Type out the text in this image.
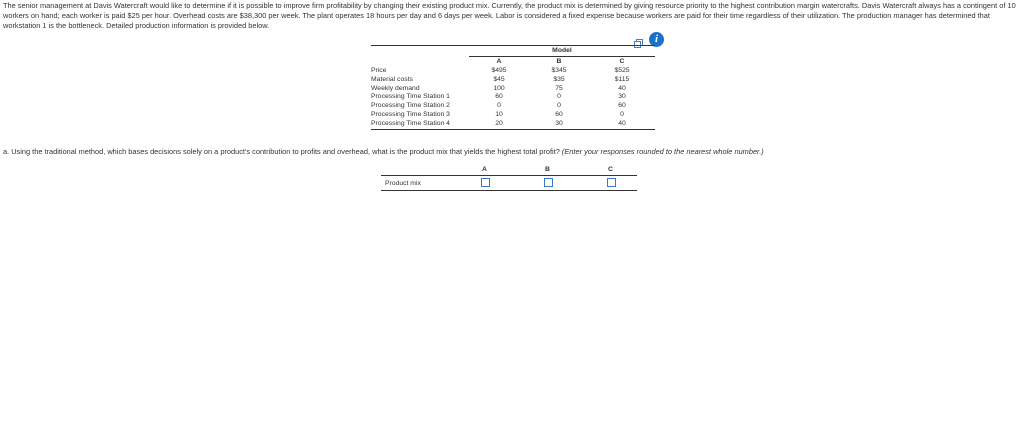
The senior management at Davis Watercraft would like to determine if it is possible to improve firm profitability by changing their existing product mix. Currently, the product mix is determined by giving resource priority to the highest contribution margin watercrafts. Davis Watercraft always has a contingent of 10 workers on hand; each worker is paid $25 per hour. Overhead costs are $38,300 per week. The plant operates 18 hours per day and 6 days per week. Labor is considered a fixed expense because workers are paid for their time regardless of their utilization. The production manager has determined that workstation 1 is the bottleneck. Detailed production information is provided below.

i
	Model		
	A	B	C
Price	$495	$345	$525
Material costs	$45	$35	$115
Weekly demand	100	75	40
Processing Time Station 1	60	0	30
Processing Time Station 2	0	0	60
Processing Time Station 3	10	60	0
Processing Time Station 4	20	30	40

a. Using the traditional method, which bases decisions solely on a product's contribution to profits and overhead, what is the product mix that yields the highest total profit? (Enter your responses rounded to the nearest whole number.)

A	B	C
Product mix
